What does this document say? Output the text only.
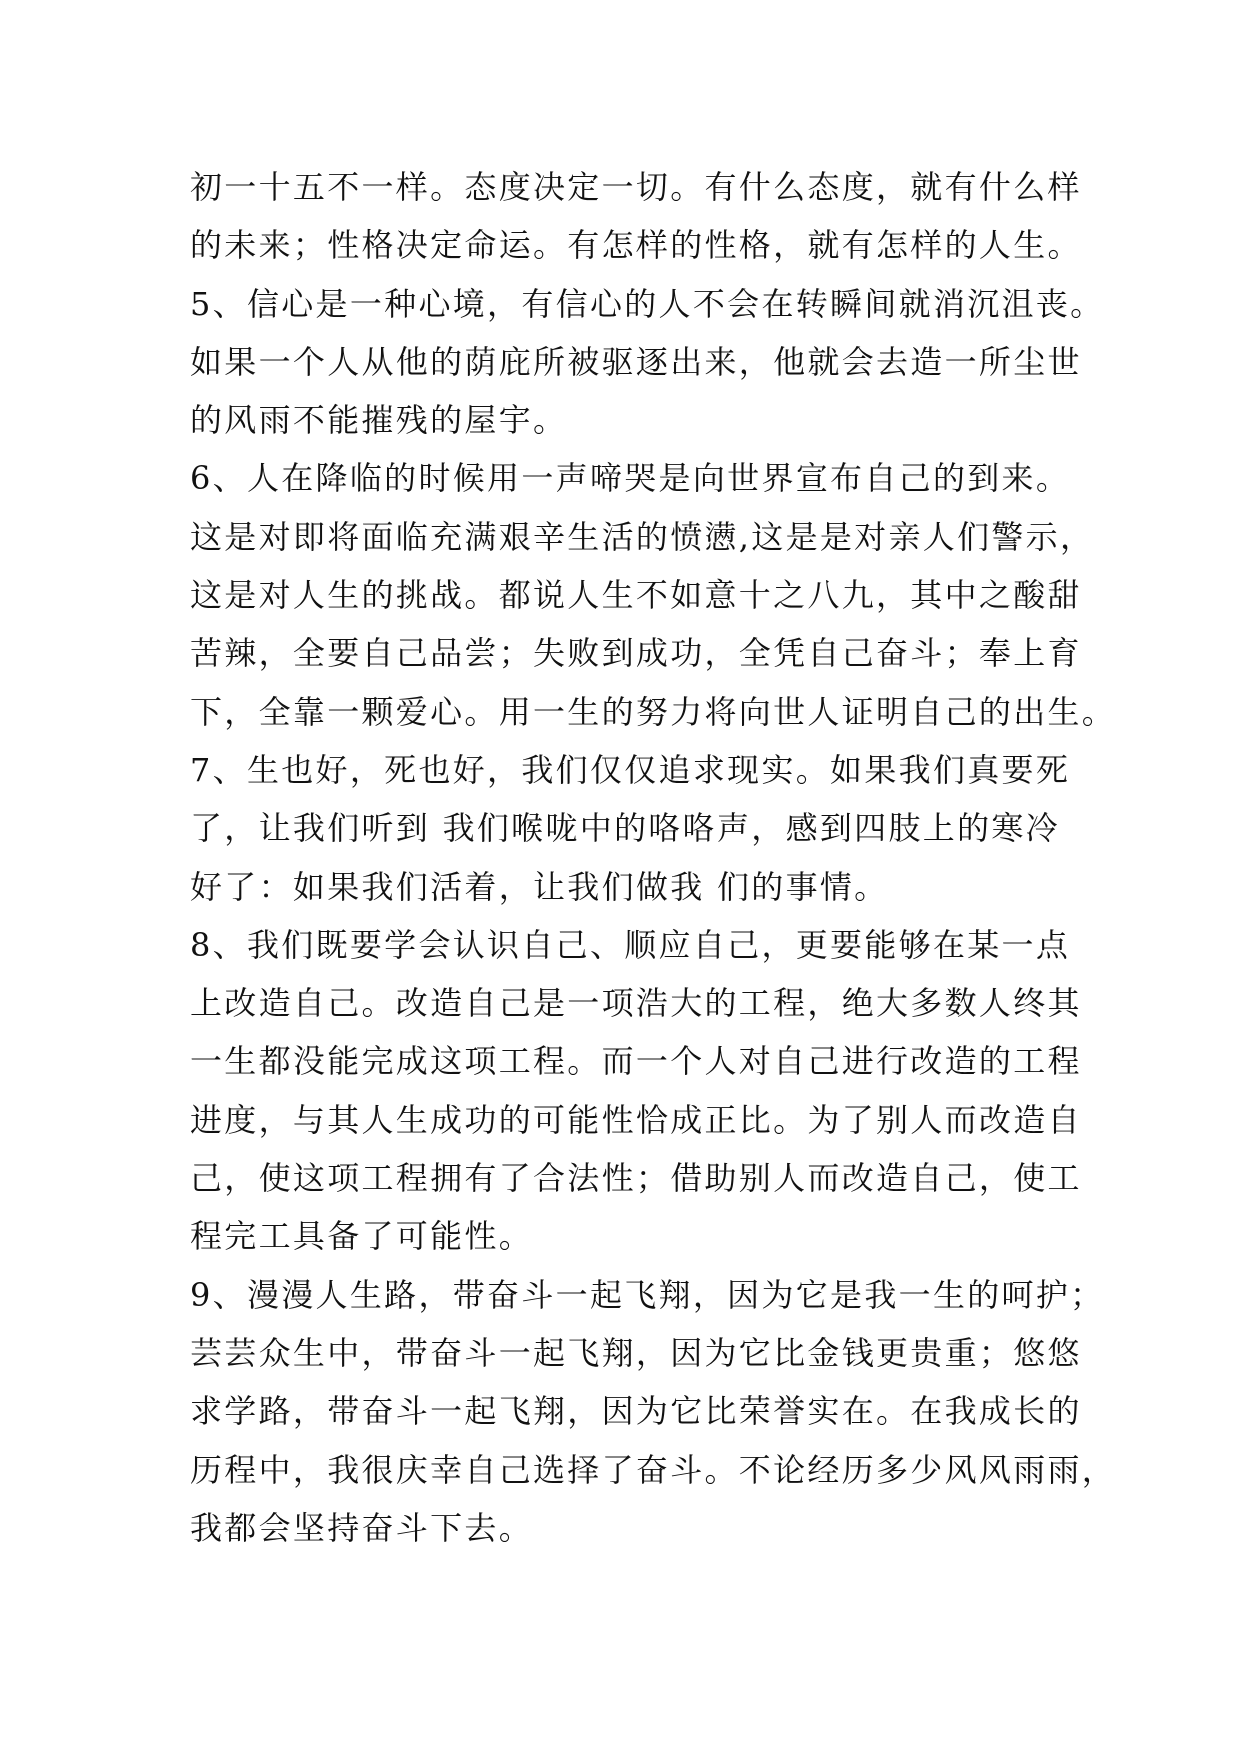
初一十五不一样。态度决定一切。有什么态度，就有什么样
的未来；性格决定命运。有怎样的性格，就有怎样的人生。
5、信心是一种心境，有信心的人不会在转瞬间就消沉沮丧。
如果一个人从他的荫庇所被驱逐出来，他就会去造一所尘世
的风雨不能摧残的屋宇。
6、人在降临的时候用一声啼哭是向世界宣布自己的到来。
这是对即将面临充满艰辛生活的愤懑,这是是对亲人们警示，
这是对人生的挑战。都说人生不如意十之八九，其中之酸甜
苦辣，全要自己品尝；失败到成功，全凭自己奋斗；奉上育
下，全靠一颗爱心。用一生的努力将向世人证明自己的出生。
7、生也好，死也好，我们仅仅追求现实。如果我们真要死
了，让我们听到 我们喉咙中的咯咯声，感到四肢上的寒冷
好了：如果我们活着，让我们做我 们的事情。
8、我们既要学会认识自己、顺应自己，更要能够在某一点
上改造自己。改造自己是一项浩大的工程，绝大多数人终其
一生都没能完成这项工程。而一个人对自己进行改造的工程
进度，与其人生成功的可能性恰成正比。为了别人而改造自
己，使这项工程拥有了合法性；借助别人而改造自己，使工
程完工具备了可能性。
9、漫漫人生路，带奋斗一起飞翔，因为它是我一生的呵护；
芸芸众生中，带奋斗一起飞翔，因为它比金钱更贵重；悠悠
求学路，带奋斗一起飞翔，因为它比荣誉实在。在我成长的
历程中，我很庆幸自己选择了奋斗。不论经历多少风风雨雨，
我都会坚持奋斗下去。
